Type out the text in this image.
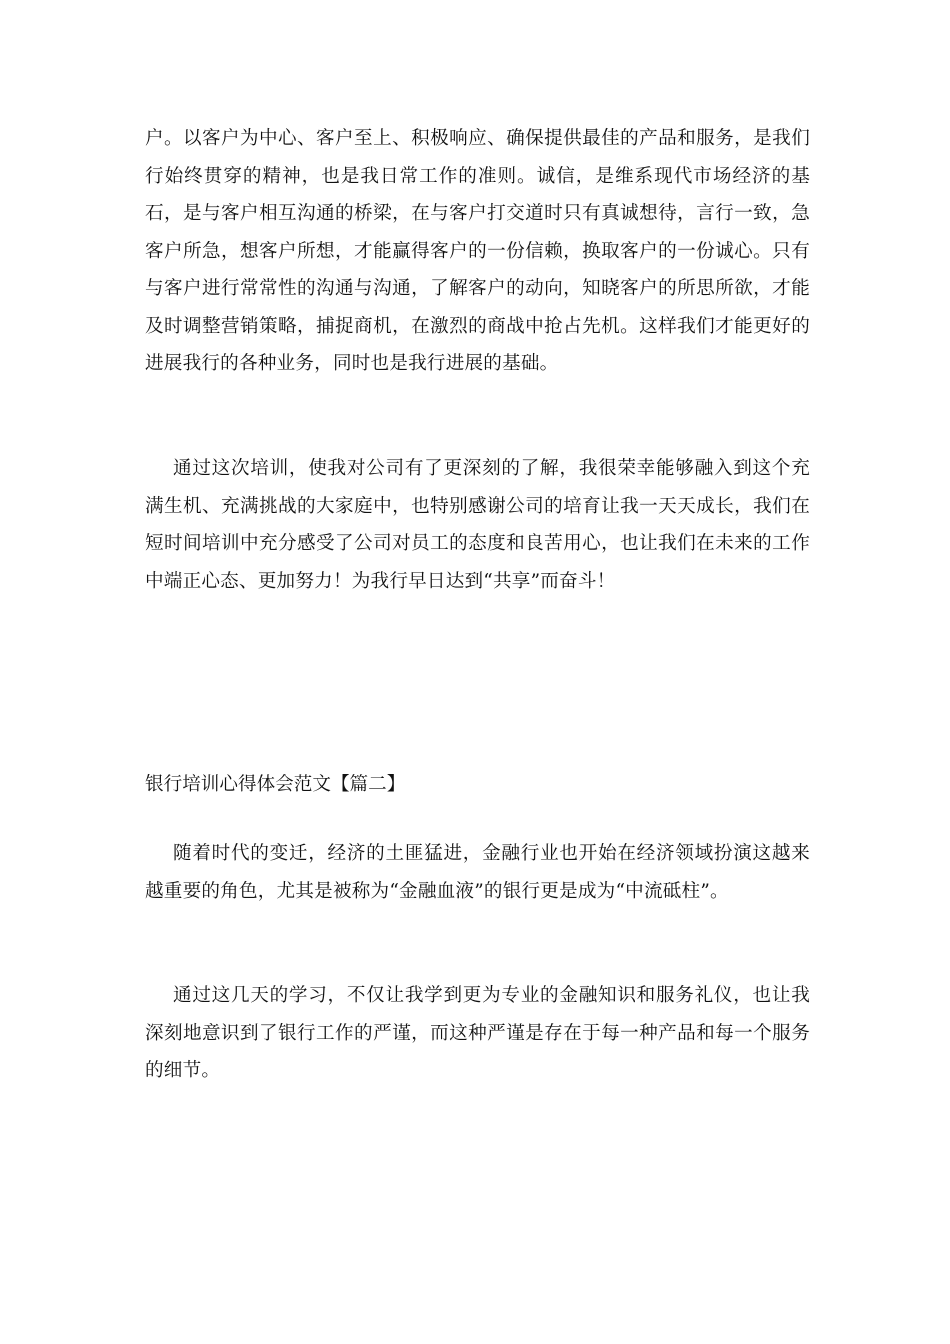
户。以客户为中心、客户至上、积极响应、确保提供最佳的产品和服务，是我们行始终贯穿的精神，也是我日常工作的准则。诚信，是维系现代市场经济的基石，是与客户相互沟通的桥梁，在与客户打交道时只有真诚想待，言行一致，急客户所急，想客户所想，才能赢得客户的一份信赖，换取客户的一份诚心。只有与客户进行常常性的沟通与沟通，了解客户的动向，知晓客户的所思所欲，才能及时调整营销策略，捕捉商机，在激烈的商战中抢占先机。这样我们才能更好的进展我行的各种业务，同时也是我行进展的基础。

通过这次培训，使我对公司有了更深刻的了解，我很荣幸能够融入到这个充满生机、充满挑战的大家庭中，也特别感谢公司的培育让我一天天成长，我们在短时间培训中充分感受了公司对员工的态度和良苦用心，也让我们在未来的工作中端正心态、更加努力！为我行早日达到“共享”而奋斗！

银行培训心得体会范文【篇二】

随着时代的变迁，经济的土匪猛进，金融行业也开始在经济领域扮演这越来越重要的角色，尤其是被称为“金融血液”的银行更是成为“中流砥柱”。

通过这几天的学习，不仅让我学到更为专业的金融知识和服务礼仪，也让我深刻地意识到了银行工作的严谨，而这种严谨是存在于每一种产品和每一个服务的细节。
